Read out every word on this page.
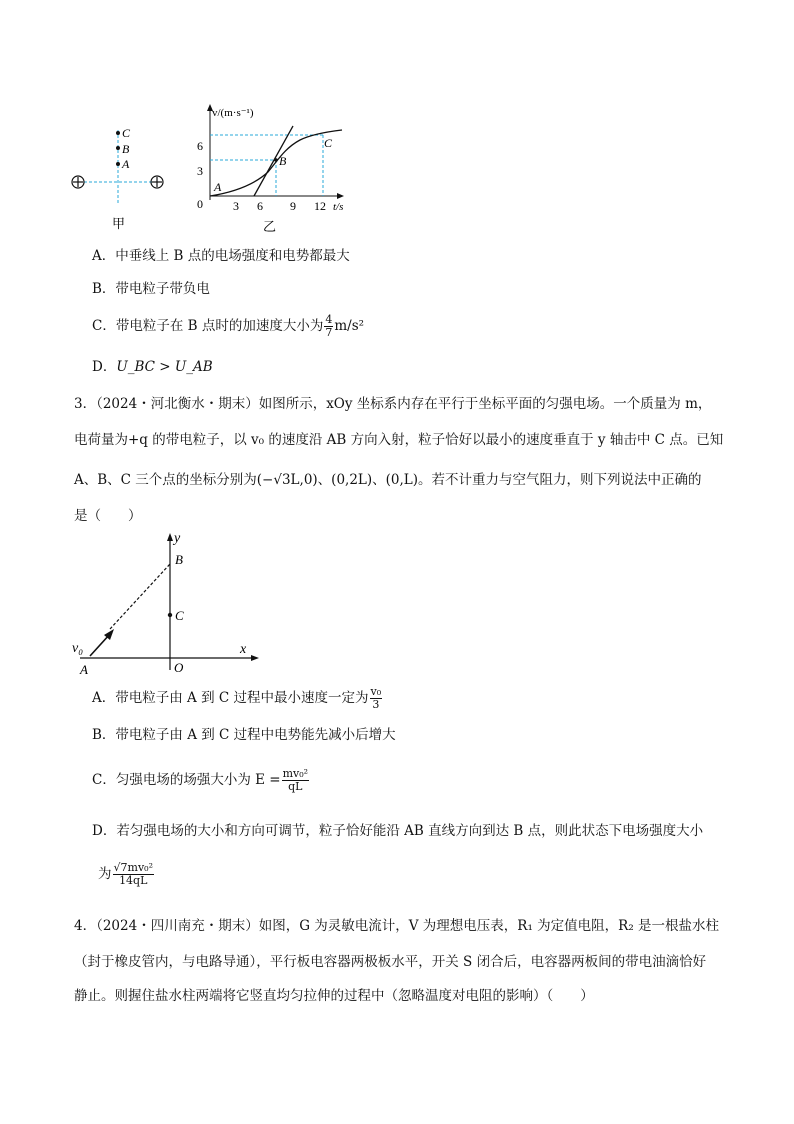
C
B
A
甲
v/(m·s⁻¹)
t/s
0
6
3
3 6 9 12
A
B
C
乙
A．中垂线上 B 点的电场强度和电势都最大
B．带电粒子带负电
C．带电粒子在 B 点时的加速度大小为 $\frac{4}{7} m/s^2$
D．U_BC > U_AB
3．（2024・河北衡水・期末）如图所示，xOy 坐标系内存在平行于坐标平面的匀强电场。一个质量为 m，
电荷量为+q 的带电粒子，以 v₀ 的速度沿 AB 方向入射，粒子恰好以最小的速度垂直于 y 轴击中 C 点。已知
A、B、C 三个点的坐标分别为(−√3L,0)、(0,2L)、(0,L)。若不计重力与空气阻力，则下列说法中正确的
是（　　）
y
B
C
v₀
A	O
x
A．带电粒子由 A 到 C 过程中最小速度一定为 $\frac{\text{v₀}}{3}$
B．带电粒子由 A 到 C 过程中电势能先减小后增大
C．匀强电场的场强大小为 $E = \frac{\text{mv₀²}}{qL}$
D．若匀强电场的大小和方向可调节，粒子恰好能沿 AB 直线方向到达 B 点，则此状态下电场强度大小
为 $\frac{\text{√7mv₀²}}{14qL}$
4．（2024・四川南充・期末）如图，G 为灵敏电流计，V 为理想电压表，R₁ 为定值电阻，R₂ 是一根盐水柱
（封于橡皮管内，与电路导通），平行板电容器两极板水平，开关 S 闭合后，电容器两板间的带电油滴恰好
静止。则握住盐水柱两端将它竖直均匀拉伸的过程中（忽略温度对电阻的影响）（　　）
